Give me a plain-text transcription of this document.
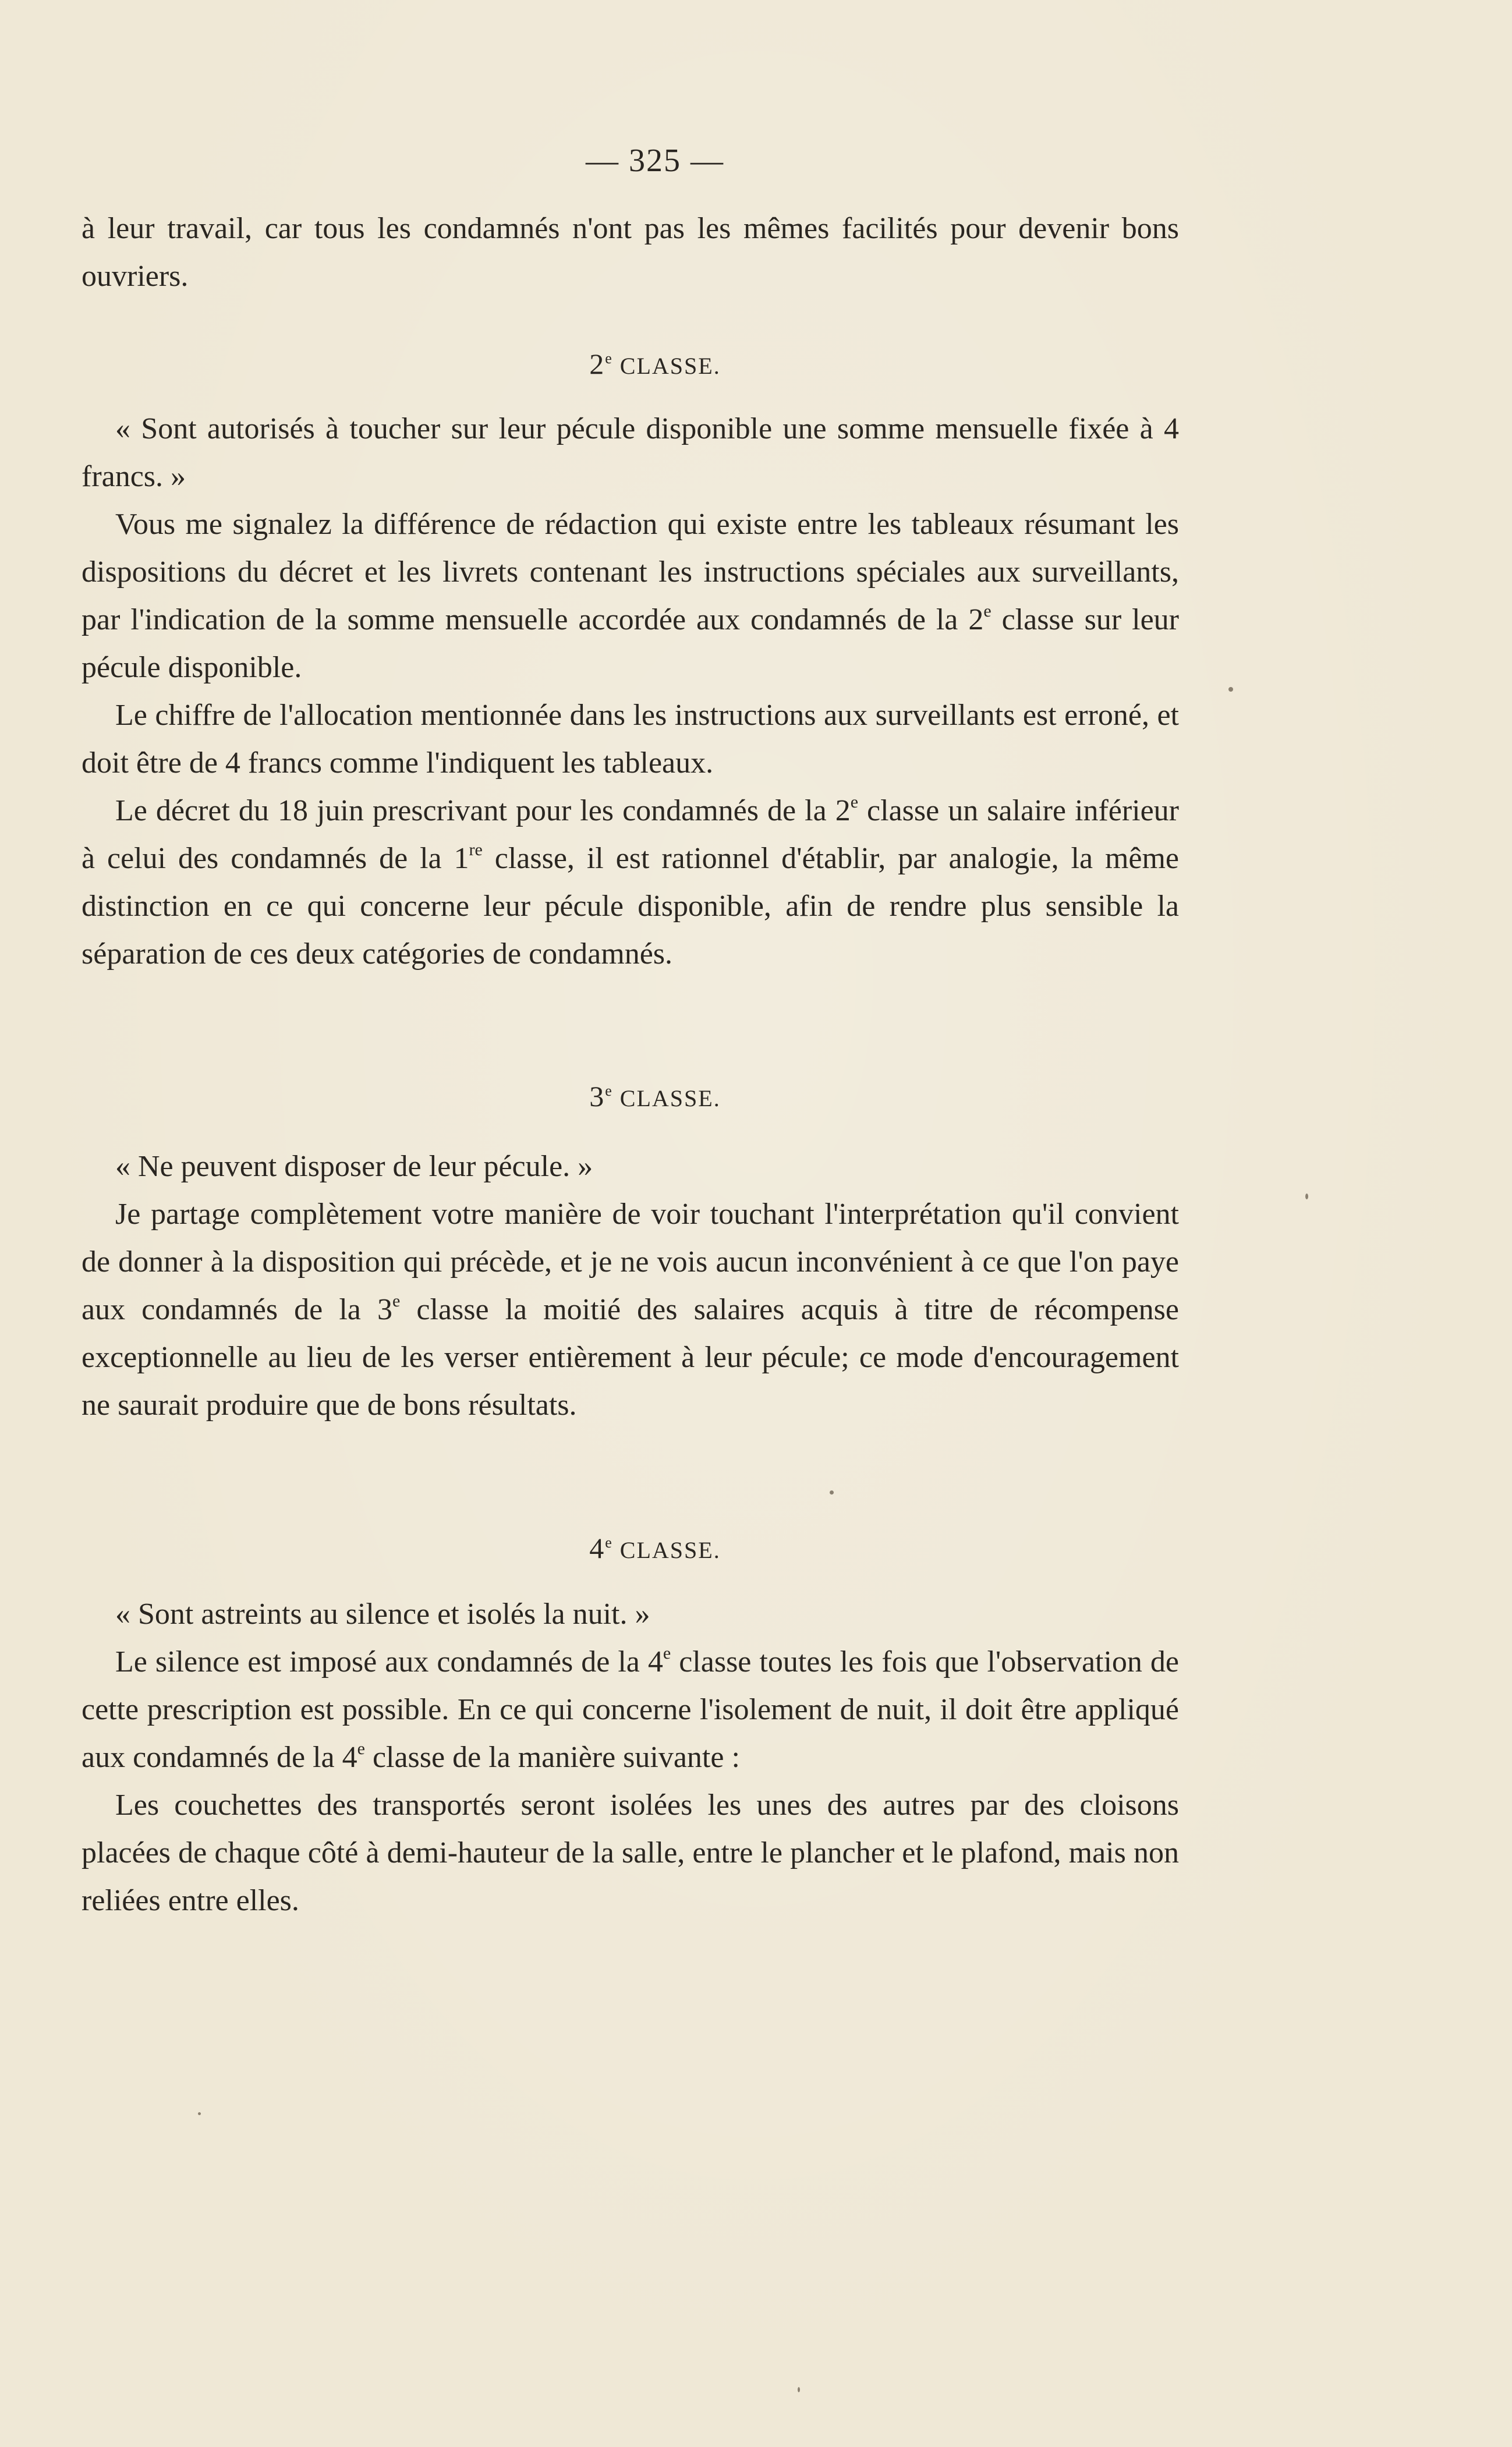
— 325 —

à leur travail, car tous les condamnés n'ont pas les mêmes facilités pour devenir bons ouvriers.

2e CLASSE.

« Sont autorisés à toucher sur leur pécule disponible une somme mensuelle fixée à 4 francs. »

Vous me signalez la différence de rédaction qui existe entre les tableaux résumant les dispositions du décret et les livrets contenant les instructions spéciales aux surveillants, par l'indication de la somme mensuelle accordée aux condamnés de la 2e classe sur leur pécule disponible.

Le chiffre de l'allocation mentionnée dans les instructions aux surveillants est erroné, et doit être de 4 francs comme l'indiquent les tableaux.

Le décret du 18 juin prescrivant pour les condamnés de la 2e classe un salaire inférieur à celui des condamnés de la 1re classe, il est rationnel d'établir, par analogie, la même distinction en ce qui concerne leur pécule disponible, afin de rendre plus sensible la séparation de ces deux catégories de condamnés.

3e CLASSE.

« Ne peuvent disposer de leur pécule. »

Je partage complètement votre manière de voir touchant l'interprétation qu'il convient de donner à la disposition qui précède, et je ne vois aucun inconvénient à ce que l'on paye aux condamnés de la 3e classe la moitié des salaires acquis à titre de récompense exceptionnelle au lieu de les verser entièrement à leur pécule; ce mode d'encouragement ne saurait produire que de bons résultats.

4e CLASSE.

« Sont astreints au silence et isolés la nuit. »

Le silence est imposé aux condamnés de la 4e classe toutes les fois que l'observation de cette prescription est possible. En ce qui concerne l'isolement de nuit, il doit être appliqué aux condamnés de la 4e classe de la manière suivante :

Les couchettes des transportés seront isolées les unes des autres par des cloisons placées de chaque côté à demi-hauteur de la salle, entre le plancher et le plafond, mais non reliées entre elles.
